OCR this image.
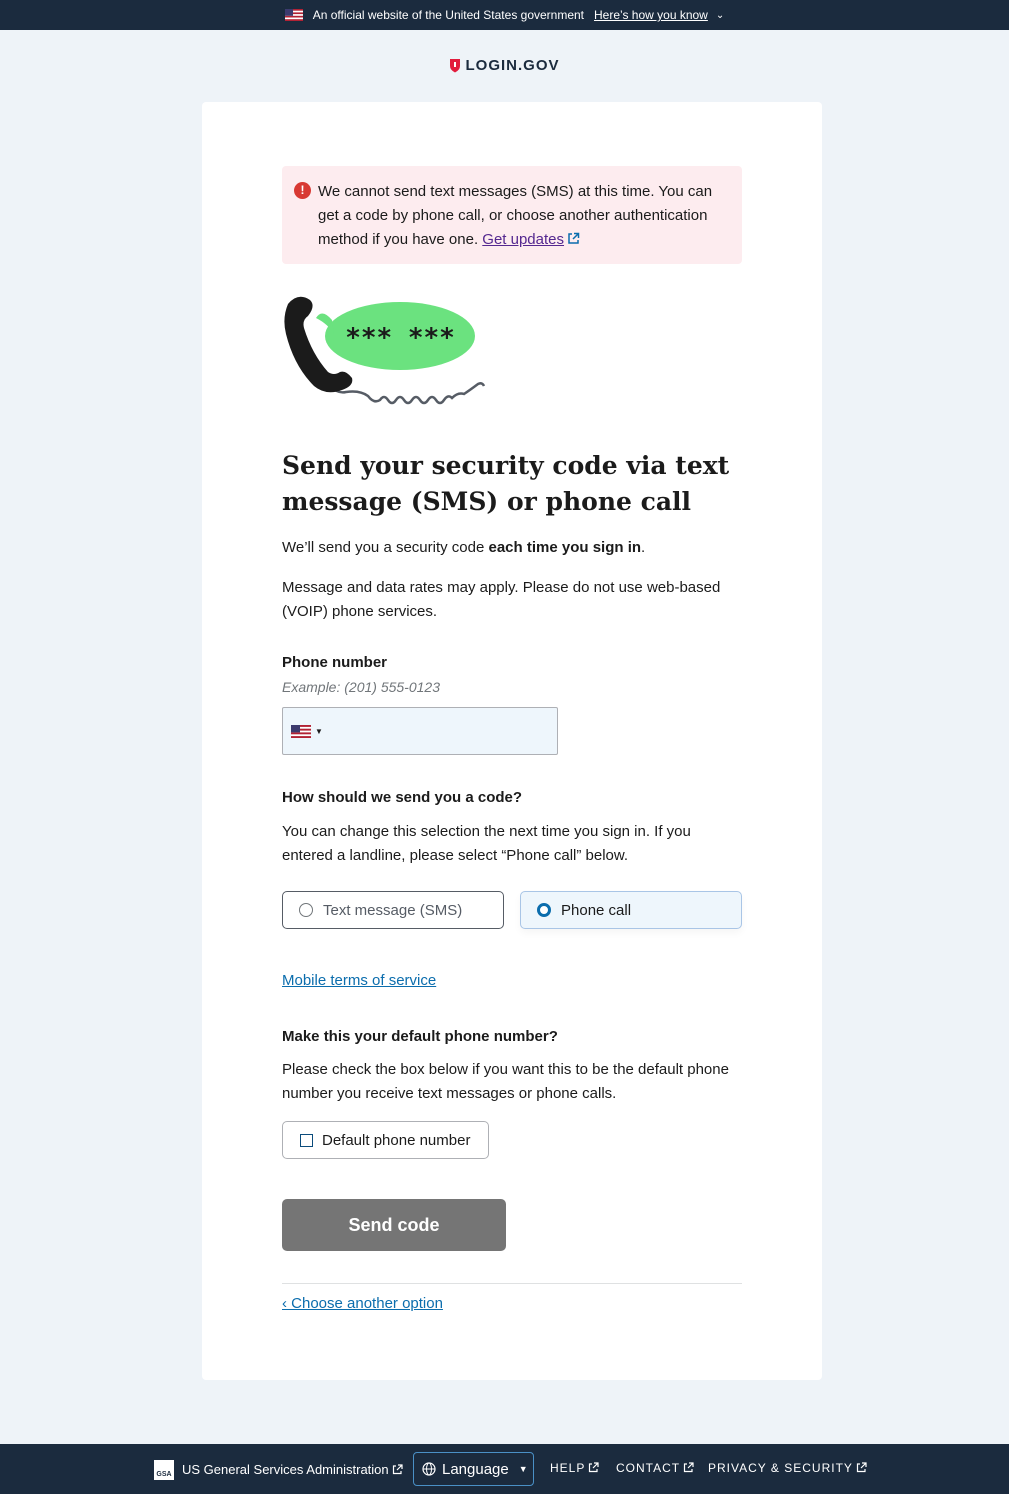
An official website of the United States government Here’s how you know ⌄
LOGIN.GOV
! We cannot send text messages (SMS) at this time. You can get a code by phone call, or choose another authentication method if you have one. Get updates
*** ***
Send your security code via text message (SMS) or phone call

We’ll send you a security code each time you sign in.

Message and data rates may apply. Please do not use web-based (VOIP) phone services.

Phone number
Example: (201) 555-0123
▼
How should we send you a code?

You can change this selection the next time you sign in. If you entered a landline, please select “Phone call” below.

Text message (SMS)	Phone call
Mobile terms of service
Make this your default phone number?

Please check the box below if you want this to be the default phone number you receive text messages or phone calls.

Default phone number
Send code
‹ Choose another option
GSA US General Services Administration	Language ▼ HELP	CONTACT	PRIVACY & SECURITY
